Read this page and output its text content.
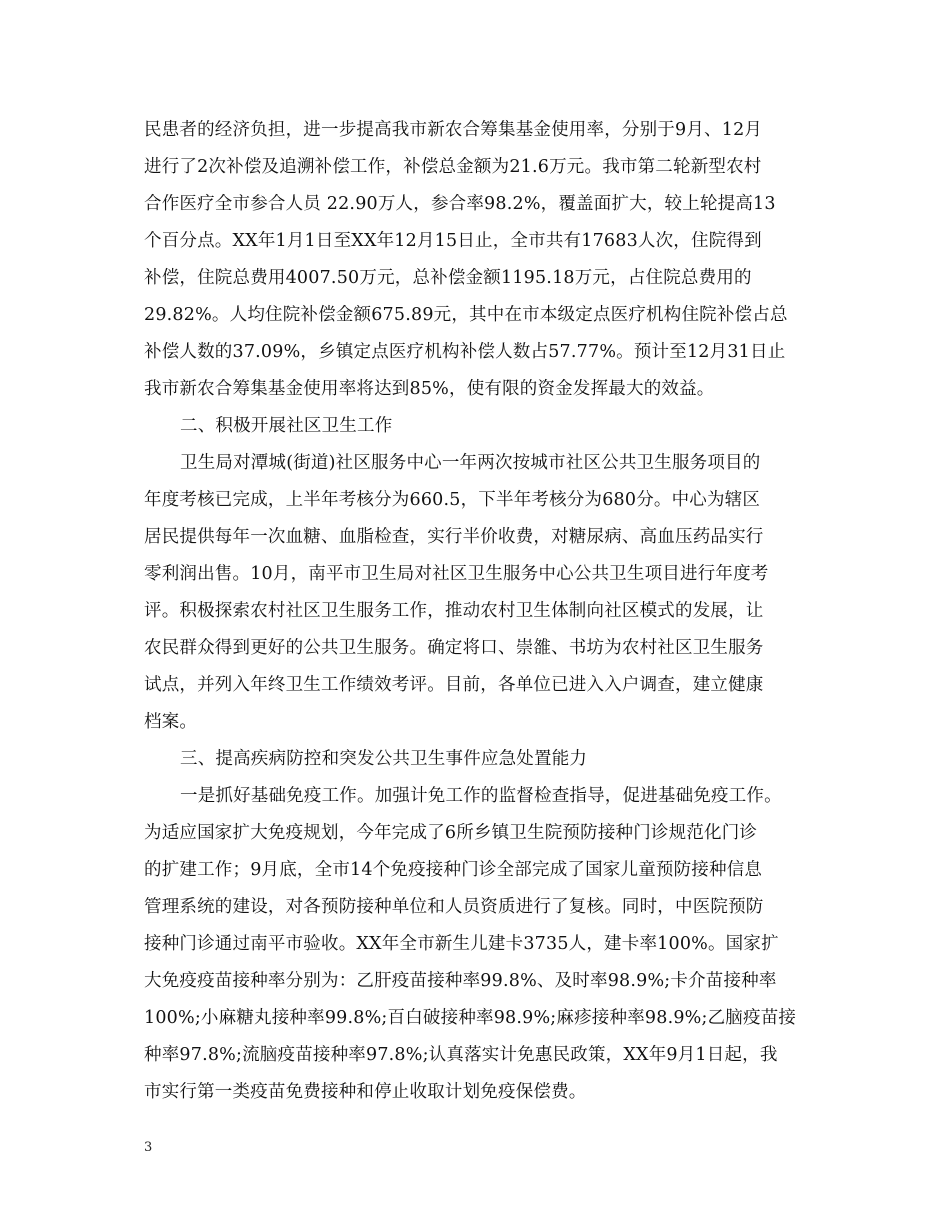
民患者的经济负担，进一步提高我市新农合筹集基金使用率，分别于9月、12月
进行了2次补偿及追溯补偿工作，补偿总金额为21.6万元。我市第二轮新型农村
合作医疗全市参合人员 22.90万人，参合率98.2%，覆盖面扩大，较上轮提高13
个百分点。XX年1月1日至XX年12月15日止，全市共有17683人次，住院得到
补偿，住院总费用4007.50万元，总补偿金额1195.18万元，占住院总费用的
29.82%。人均住院补偿金额675.89元，其中在市本级定点医疗机构住院补偿占总
补偿人数的37.09%，乡镇定点医疗机构补偿人数占57.77%。预计至12月31日止
我市新农合筹集基金使用率将达到85%，使有限的资金发挥最大的效益。
二、积极开展社区卫生工作
卫生局对潭城(街道)社区服务中心一年两次按城市社区公共卫生服务项目的
年度考核已完成，上半年考核分为660.5，下半年考核分为680分。中心为辖区
居民提供每年一次血糖、血脂检查，实行半价收费，对糖尿病、高血压药品实行
零利润出售。10月，南平市卫生局对社区卫生服务中心公共卫生项目进行年度考
评。积极探索农村社区卫生服务工作，推动农村卫生体制向社区模式的发展，让
农民群众得到更好的公共卫生服务。确定将口、崇雒、书坊为农村社区卫生服务
试点，并列入年终卫生工作绩效考评。目前，各单位已进入入户调查，建立健康
档案。
三、提高疾病防控和突发公共卫生事件应急处置能力
一是抓好基础免疫工作。加强计免工作的监督检查指导，促进基础免疫工作。
为适应国家扩大免疫规划，今年完成了6所乡镇卫生院预防接种门诊规范化门诊
的扩建工作；9月底，全市14个免疫接种门诊全部完成了国家儿童预防接种信息
管理系统的建设，对各预防接种单位和人员资质进行了复核。同时，中医院预防
接种门诊通过南平市验收。XX年全市新生儿建卡3735人，建卡率100%。国家扩
大免疫疫苗接种率分别为：乙肝疫苗接种率99.8%、及时率98.9%;卡介苗接种率
100%;小麻糖丸接种率99.8%;百白破接种率98.9%;麻疹接种率98.9%;乙脑疫苗接
种率97.8%;流脑疫苗接种率97.8%;认真落实计免惠民政策，XX年9月1日起，我
市实行第一类疫苗免费接种和停止收取计划免疫保偿费。
3
